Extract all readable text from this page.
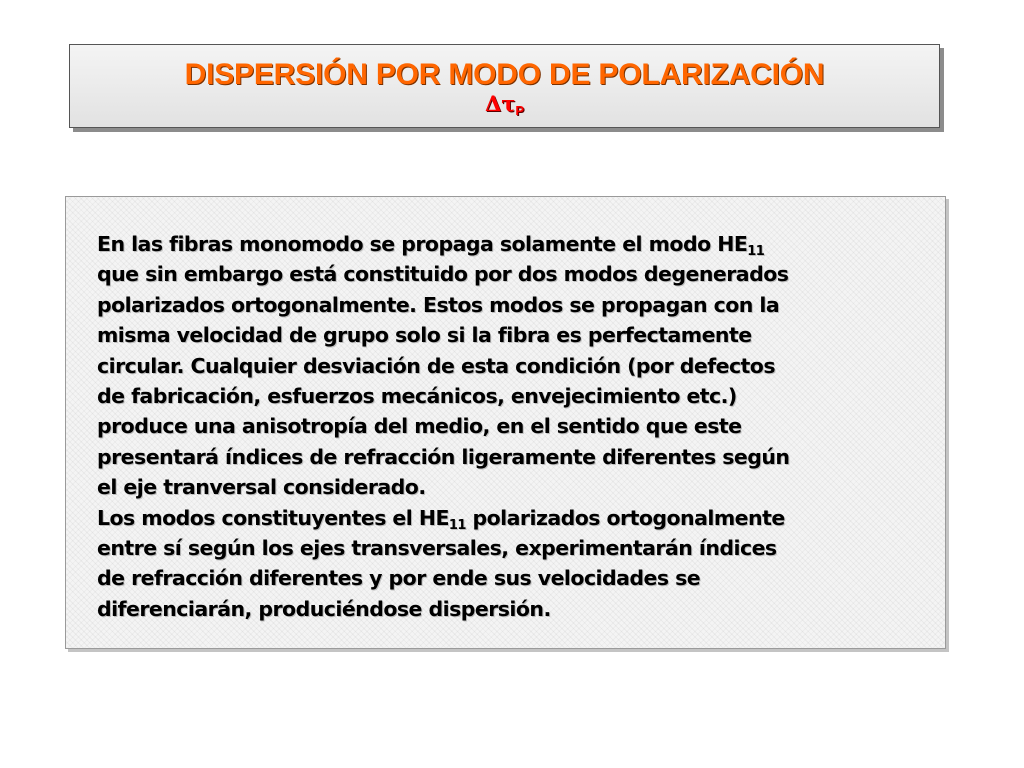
DISPERSIÓN POR MODO DE POLARIZACIÓN
$\Delta\tau_P$
En las fibras monomodo se propaga solamente el modo $HE_{11}$
que sin embargo está constituido por dos modos degenerados
polarizados ortogonalmente. Estos modos se propagan con la
misma velocidad de grupo solo si la fibra es perfectamente
circular. Cualquier desviación de esta condición (por defectos
de fabricación, esfuerzos mecánicos, envejecimiento etc.)
produce una anisotropía del medio, en el sentido que este
presentará índices de refracción ligeramente diferentes según
el eje tranversal considerado.
Los modos constituyentes el $HE_{11}$ polarizados ortogonalmente
entre sí según los ejes transversales, experimentarán índices
de refracción diferentes y por ende sus velocidades se
diferenciarán, produciéndose dispersión.
